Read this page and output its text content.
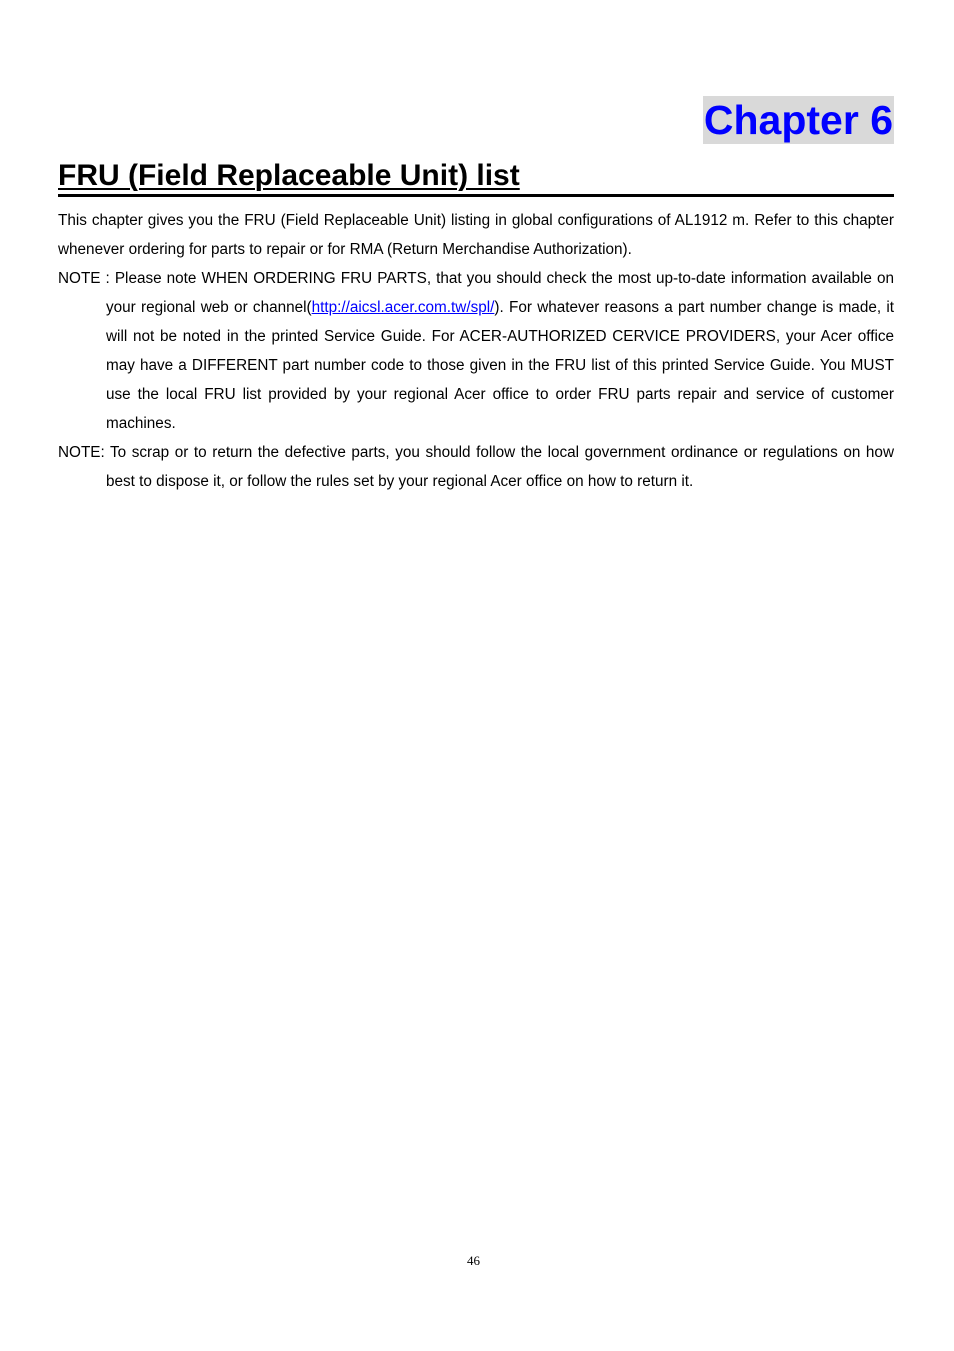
Chapter 6
FRU (Field Replaceable Unit) list

This chapter gives you the FRU (Field Replaceable Unit) listing in global configurations of AL1912 m. Refer to this chapter whenever ordering for parts to repair or for RMA (Return Merchandise Authorization).

NOTE : Please note WHEN ORDERING FRU PARTS, that you should check the most up-to-date information available on your regional web or channel(http://aicsl.acer.com.tw/spl/). For whatever reasons a part number change is made, it will not be noted in the printed Service Guide. For ACER-AUTHORIZED CERVICE PROVIDERS, your Acer office may have a DIFFERENT part number code to those given in the FRU list of this printed Service Guide. You MUST use the local FRU list provided by your regional Acer office to order FRU parts repair and service of customer machines.

NOTE: To scrap or to return the defective parts, you should follow the local government ordinance or regulations on how best to dispose it, or follow the rules set by your regional Acer office on how to return it.

46
